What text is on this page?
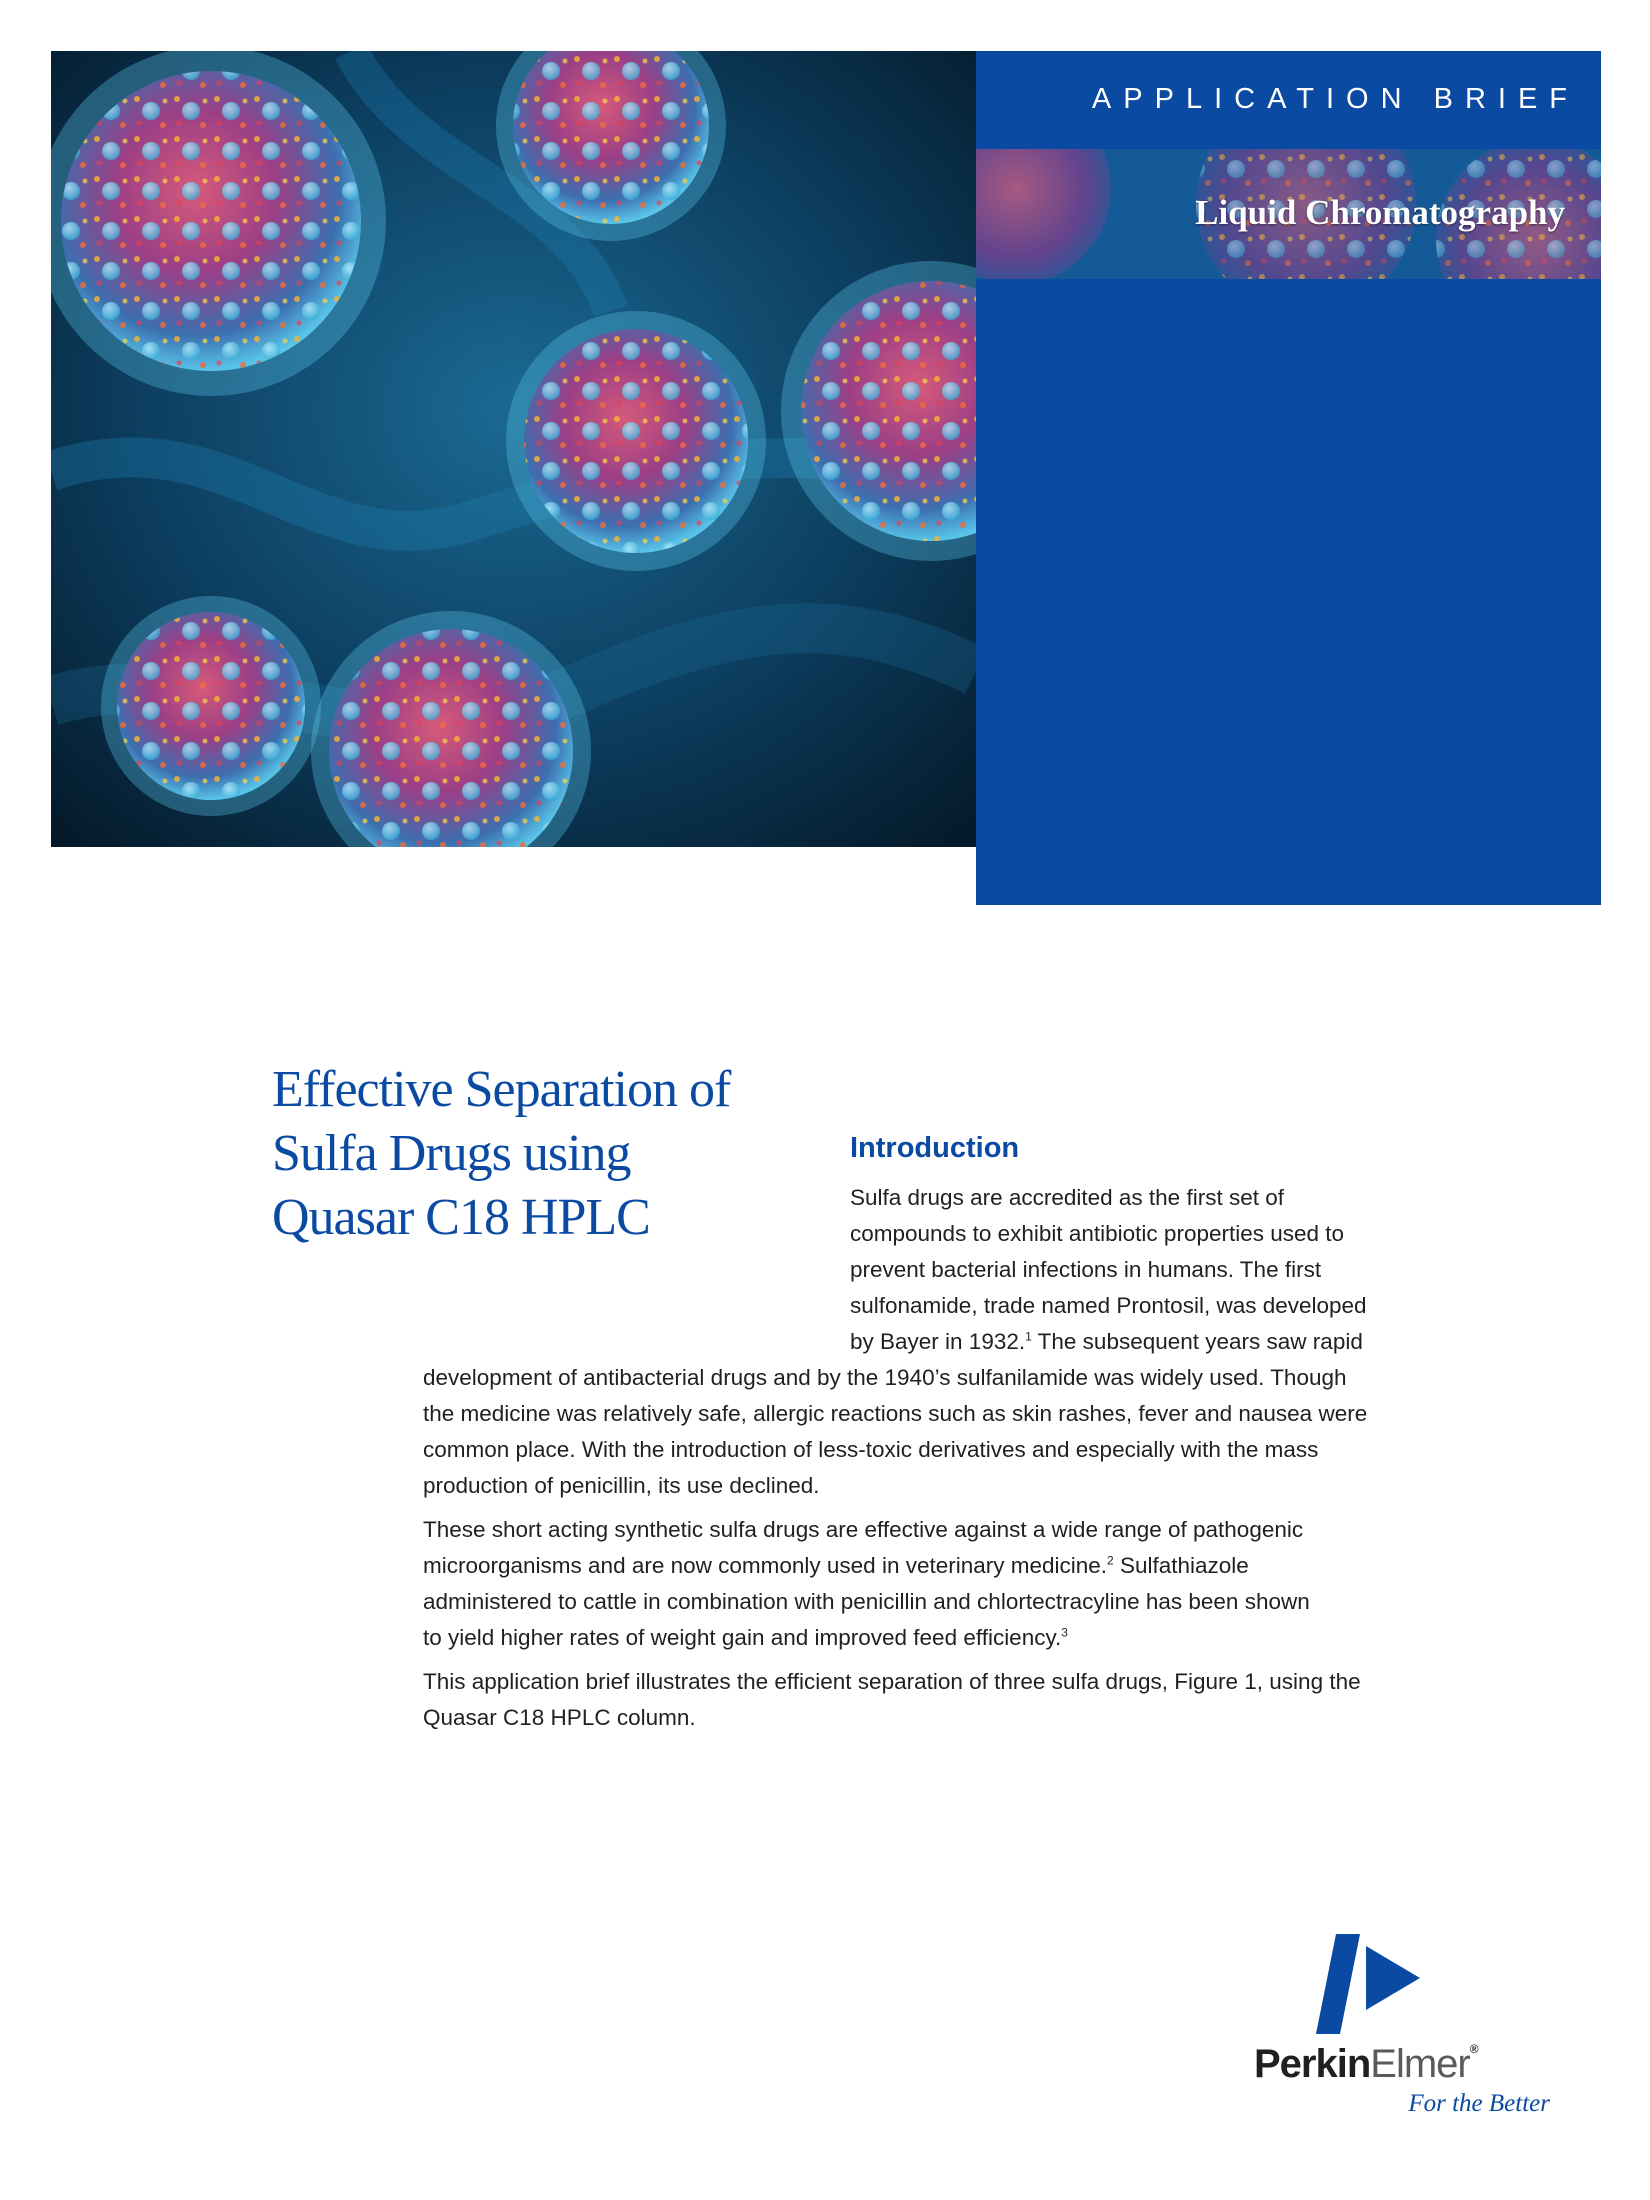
APPLICATION BRIEF
Liquid Chromatography
Effective Separation of
Sulfa Drugs using
Quasar C18 HPLC
Introduction
Sulfa drugs are accredited as the first set of
compounds to exhibit antibiotic properties used to
prevent bacterial infections in humans. The first
sulfonamide, trade named Prontosil, was developed
by Bayer in 1932.$^1$ The subsequent years saw rapid
development of antibacterial drugs and by the 1940’s sulfanilamide was widely used. Though
the medicine was relatively safe, allergic reactions such as skin rashes, fever and nausea were
common place. With the introduction of less-toxic derivatives and especially with the mass
production of penicillin, its use declined.
These short acting synthetic sulfa drugs are effective against a wide range of pathogenic
microorganisms and are now commonly used in veterinary medicine.$^2$ Sulfathiazole
administered to cattle in combination with penicillin and chlortectracyline has been shown
to yield higher rates of weight gain and improved feed efficiency.$^3$
This application brief illustrates the efficient separation of three sulfa drugs, Figure 1, using the
Quasar C18 HPLC column.
PerkinElmer®
For the Better
